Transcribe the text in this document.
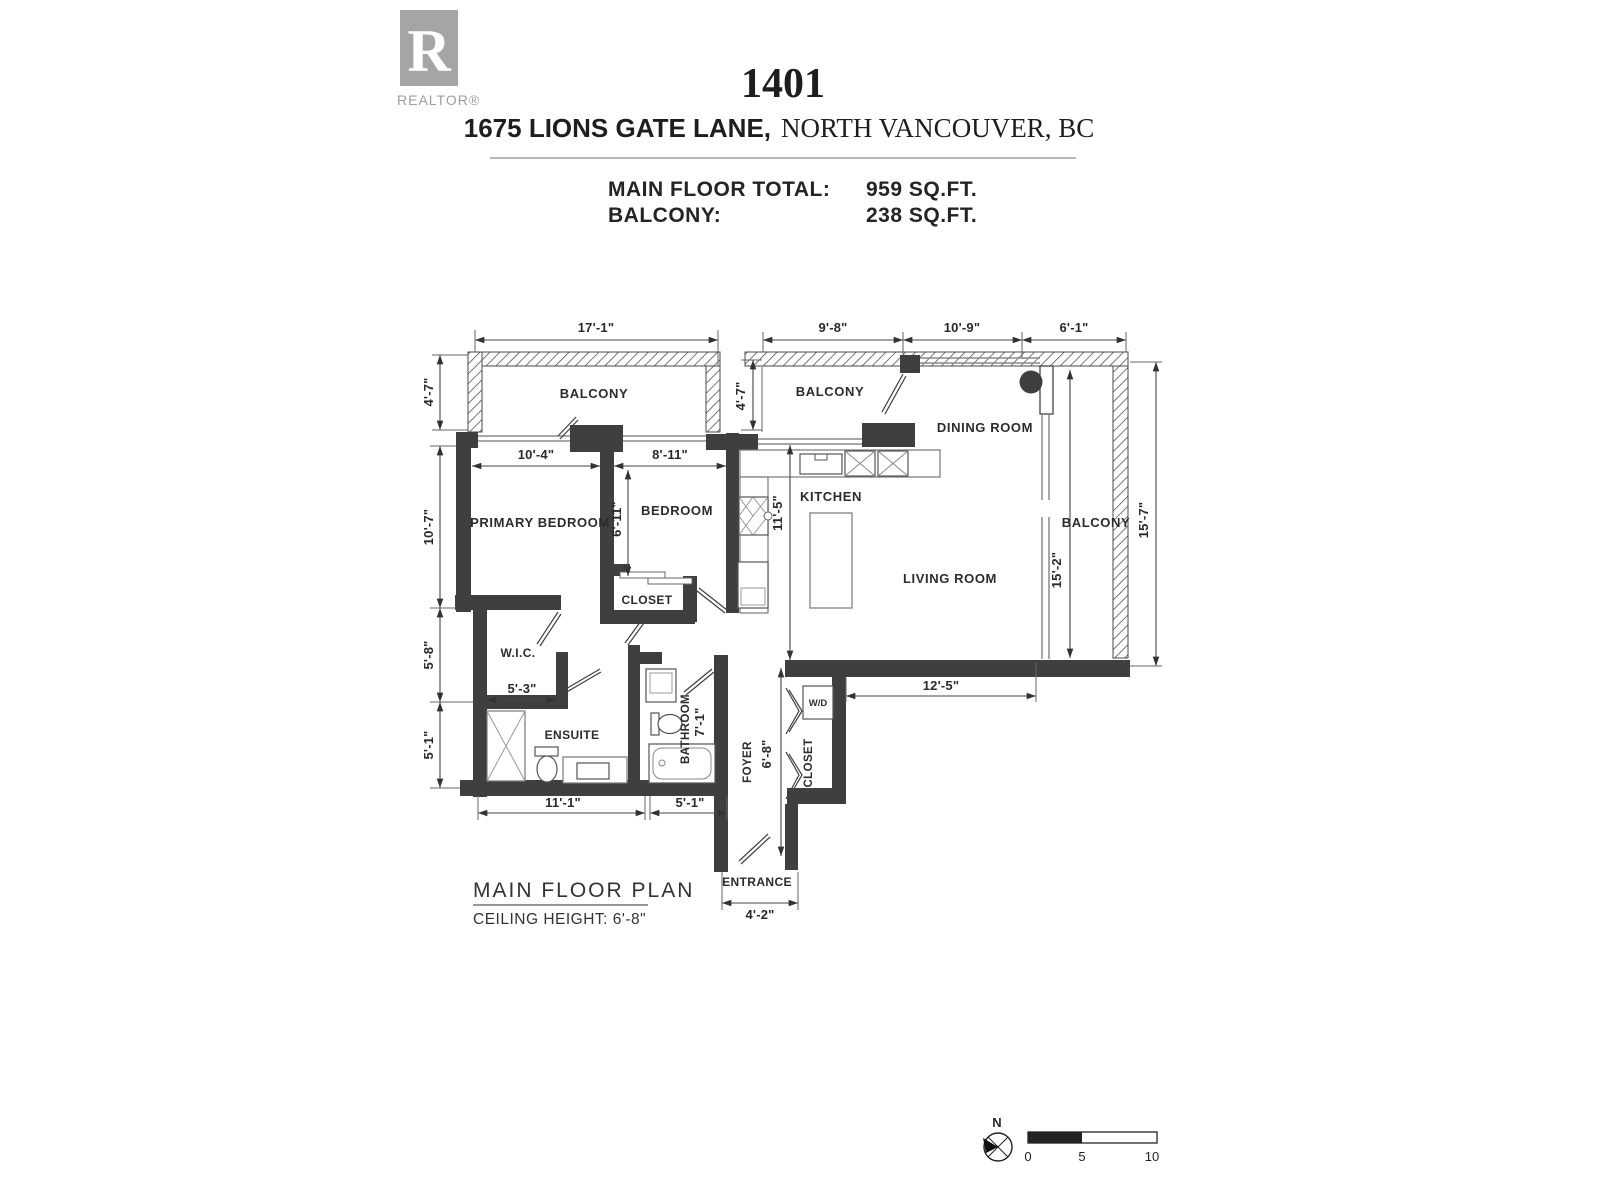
R
REALTOR®	1401
1675 LIONS GATE LANE, NORTH VANCOUVER, BC
MAIN FLOOR TOTAL: 959 SQ.FT.
BALCONY:	238 SQ.FT.
17'-1"	9'-8"	10'-9"	6'-1"
4'-7"
10'-7"
5'-8"
5'-1"
4'-7"
10'-4"	8'-11"
6'-11"	11'-5"
15'-2"
15'-7"
12'-5"
5'-3"
7'-1"
6'-8"
11'-1"	5'-1"
4'-2"
BALCONY	BALCONY
DINING ROOM
KITCHEN
PRIMARY BEDROOM
BEDROOM
CLOSET
LIVING ROOM
BALCONY
W.I.C.
ENSUITE	BATHROOM	FOYER	CLOSET
W/D
ENTRANCE
MAIN FLOOR PLAN
CEILING HEIGHT: 6'-8"
N
0	5	10
